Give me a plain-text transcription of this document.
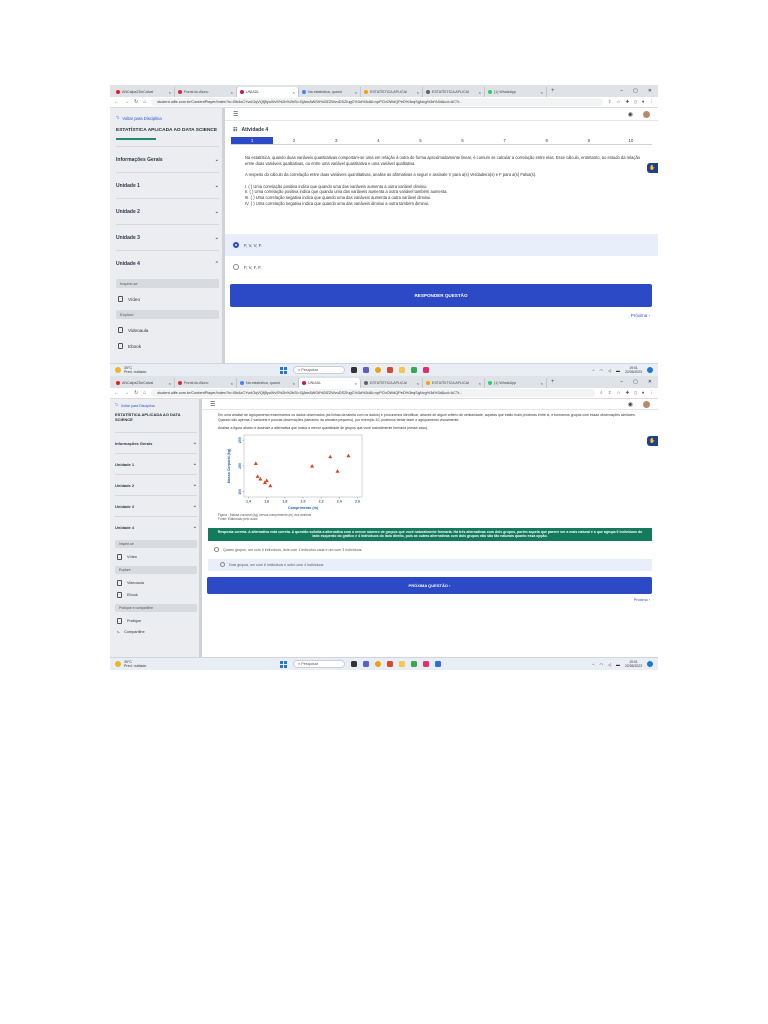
ANCalpaZDeCalval	×	Portal do Aluno	×	UNIADL	×	Na estatística, quand	×	ESTATÍSTICA APLICAI ×	ESTATÍSTICA APLICAI ×	(1) WhatsApp	× +	– ▢ ✕
← → ↻ ⌂	student.ulife.com.br/ContentPlayer/Index?lc=0Ib4oCYvcIGqVQfj5yuXfvS%2b%2bSi=GjAmAWGtl%2fZZWvuDSZIugC%3d%3d&l=vpPCbOWdQPeD%3eqSgNcg%3d%3d&cd=ACTr...	⇪ ☆ ✚ ▯ ● ⋮
⮌ Voltar para Disciplina
ESTATÍSTICA APLICADA AO DATA SCIENCE
Informações Gerais	⌄
Unidade 1	⌄
Unidade 2	⌄
Unidade 3	⌄
Unidade 4	⌃
Inspire-se
Vídeo
Explore
Videoaula
Ebook
☰	◉
☷ Atividade 4
1	2	3	4	5	6	7	8	9	10
✋

Na estatística, quando duas variáveis quantitativas comportam-se uma em relação à outra de forma aproximadamente linear, é comum se calcular a correlação entre elas. Esse cálculo, entretanto, ao estudo da relação entre duas variáveis qualitativas, ou entre uma variável quantitativa e uma variável qualitativa.

A respeito do cálculo da correlação entre duas variáveis quantitativas, analise as afirmativas a seguir e assinale V para a(s) Verdadeira(s) e F para a(s) Falsa(s).

I. ( ) Uma correlação positiva indica que quando uma das variáveis aumenta a outra variável diminui.

II. ( ) Uma correlação positiva indica que quando uma das variáveis aumenta a outra variável também aumenta.

III. ( ) Uma correlação negativa indica que quando uma das variáveis aumenta a outra variável diminui.

IV. ( ) Uma correlação negativa indica que quando uma das variáveis diminui a outra também diminui.

F, V, V, F.
F, V, F, F.
RESPONDER QUESTÃO
Próxima ›
30°C
Pred. nublado	⌕ Pesquisar	^ ◠ ◁ ▬	19:01
22/05/2023
ANCalpaZDeCalval	×	Portal do Aluno	×	Na estatística, quand	×	UNIADL	×	ESTATÍSTICA APLICAI ×	ESTATÍSTICA APLICAI ×	(1) WhatsApp	× +	– ▢ ✕
← → ↻ ⌂	student.ulife.com.br/ContentPlayer/Index?lc=0Ib4oCYvcIGqVQfj5yuXfvS%2b%2bSi=GjAmAWGtl%2fZZWvuDSZIugC%3d%3d&l=vpPCbOWdQPeD%3eqSgNcg%3d%3d&cd=ACTr...	⌕ ⇪ ☆ ✚ ▯ ● ⋮
⮌ Voltar para Disciplina
ESTATÍSTICA APLICADA AO DATA SCIENCE
Informações Gerais	⌄
Unidade 1	⌄
Unidade 2	⌄
Unidade 3	⌄
Unidade 4	⌄
Inspire-se
Vídeo
Explore
Videoaula
Ebook
Pratique e compartilhe
Pratique
⤷ Compartilhe
☰	◉
✋

Em uma análise de agrupamento examinamos os dados observados (as linhas da tabela com os dados) e procuramos identificar, através de algum critério de similaridade, aquelas que estão mais próximas entre si, e formamos grupos com essas observações similares. Quando são apenas 2 variáveis e poucas observações (tamanho da amostra pequeno), por exemplo 10, podemos tentar fazer o agrupamento visualmente.

Analise a figura abaixo e assinale a alternativa que indica a menor quantidade de grupos que você naturalmente formaria (nesse caso).

1.4	1.6	1.8	2.0	2.2	2.4	2.6
100
150
200
Comprimento (m)
Massa Corporal (kg)
Figura - Massa corporal (kg) versus comprimento (m) dos animais
Fonte: Elaborado pelo autor.
Resposta correta. A alternativa está correta. A questão solicita a alternativa com o menor número de grupos que você naturalmente formaria. Há três alternativas com dois grupos, porém aquela que parece ser a mais natural é a que agrupa 6 indivíduos do lado esquerdo do gráfico e 4 indivíduos do lado direito, pois as outras alternativas com dois grupos não são tão naturais quanto essa opção.
Quatro grupos, um com 5 indivíduos, dois com 1 indivíduo cada e um com 3 indivíduos.
Dois grupos, um com 6 indivíduos e outro com 4 indivíduos.
PRÓXIMA QUESTÃO ›
Próxima ›
30°C
Pred. nublado	⌕ Pesquisar	^ ◠ ◁ ▬	19:01
22/05/2023
